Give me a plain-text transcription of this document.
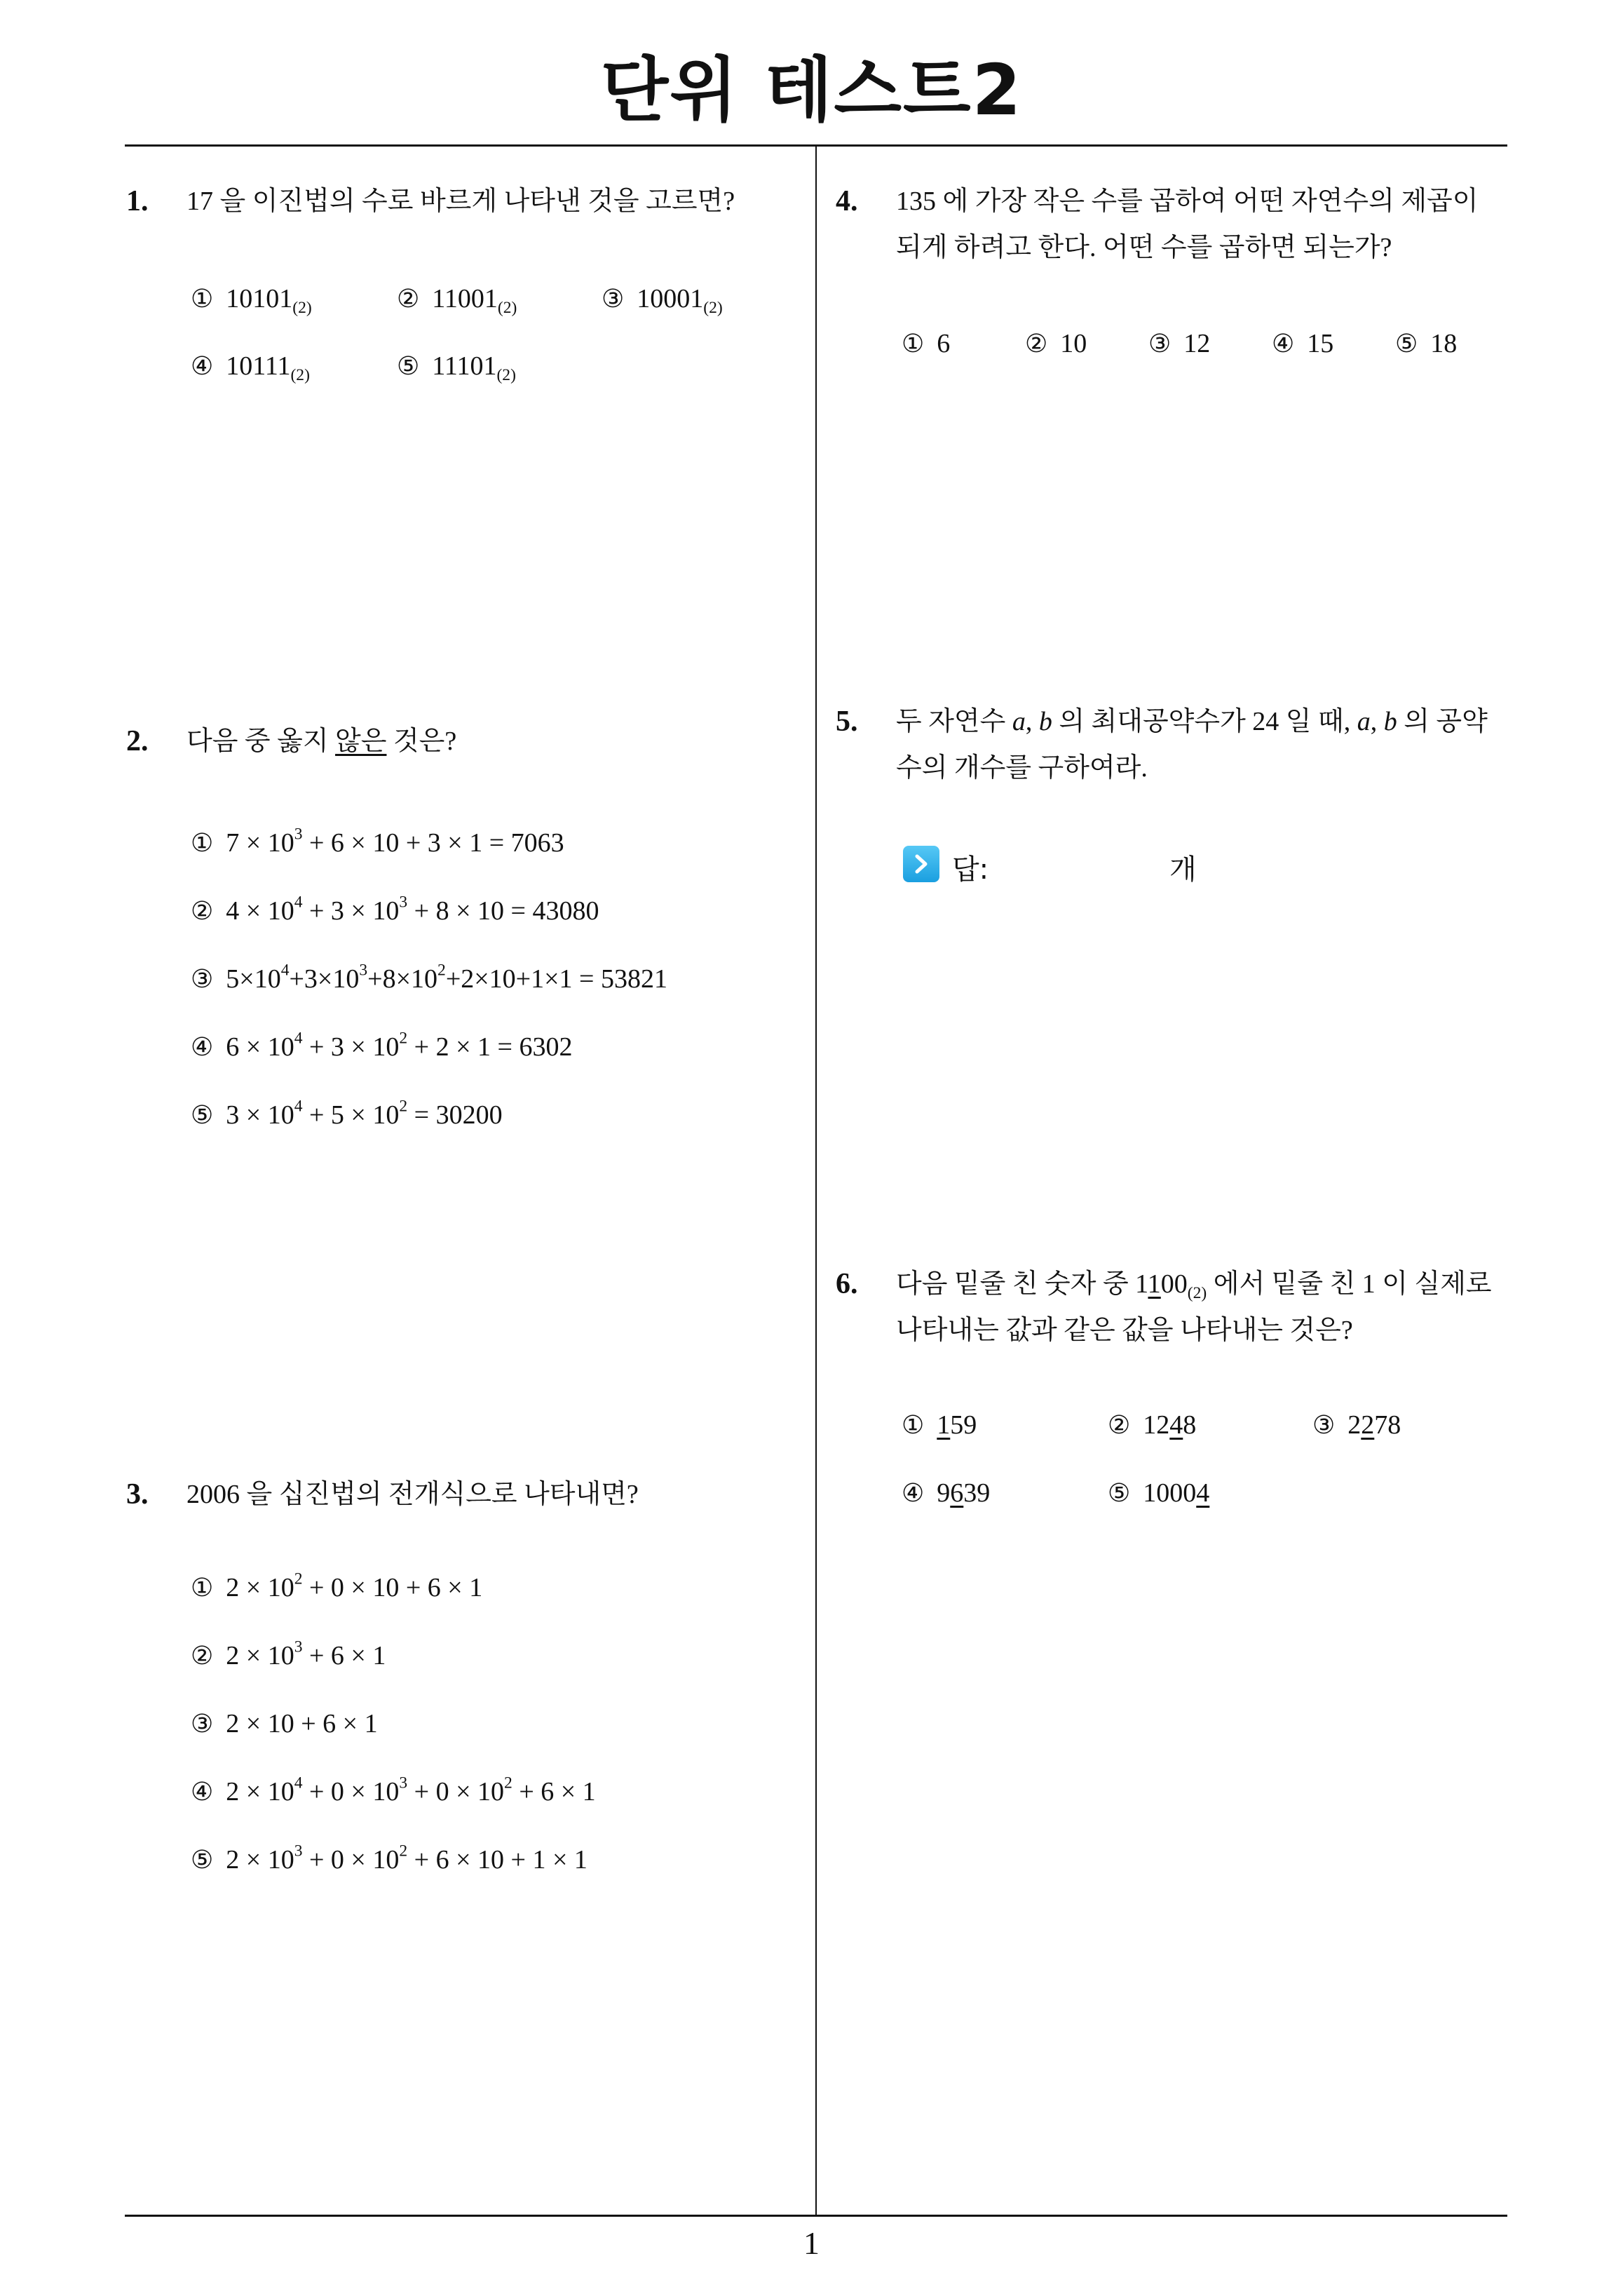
단위 테스트2
1
1. 17 을 이진법의 수로 바르게 나타낸 것을 고르면?
① $10101_{(2)}$	② $11001_{(2)}$	③ $10001_{(2)}$
④ $10111_{(2)}$	⑤ $11101_{(2)}$
2. 다음 중 옳지 않은 것은?
① $7 \times 10^3 + 6 \times 10 + 3 \times 1 = 7063$
② $4 \times 10^4 + 3 \times 10^3 + 8 \times 10 = 43080$
③ $5\times 10^4+3\times 10^3+8\times 10^2+2\times 10+1\times 1 = 53821$
④ $6 \times 10^4 + 3 \times 10^2 + 2 \times 1 = 6302$
⑤ $3 \times 10^4 + 5 \times 10^2 = 30200$
3. 2006 을 십진법의 전개식으로 나타내면?
① $2 \times 10^2 + 0 \times 10 + 6 \times 1$
② $2 \times 10^3 + 6 \times 1$
③ 2 × 10 + 6 × 1
④ $2 \times 10^4 + 0 \times 10^3 + 0 \times 10^2 + 6 \times 1$
⑤ $2 \times 10^3 + 0 \times 10^2 + 6 \times 10 + 1 \times 1$
4. 135 에 가장 작은 수를 곱하여 어떤 자연수의 제곱이
되게 하려고 한다. 어떤 수를 곱하면 되는가?
① 6	② 10 ③ 12 ④ 15 ⑤ 18
5. 두 자연수 a, b 의 최대공약수가 24 일 때, a, b 의 공약
수의 개수를 구하여라.
답:	개
6. 다음 밑줄 친 숫자 중 $1100_{(2)}$ 에서 밑줄 친 1 이 실제로
나타내는 값과 같은 값을 나타내는 것은?
① 159	② 1248	③ 2278
④ 9639	⑤ 10004
